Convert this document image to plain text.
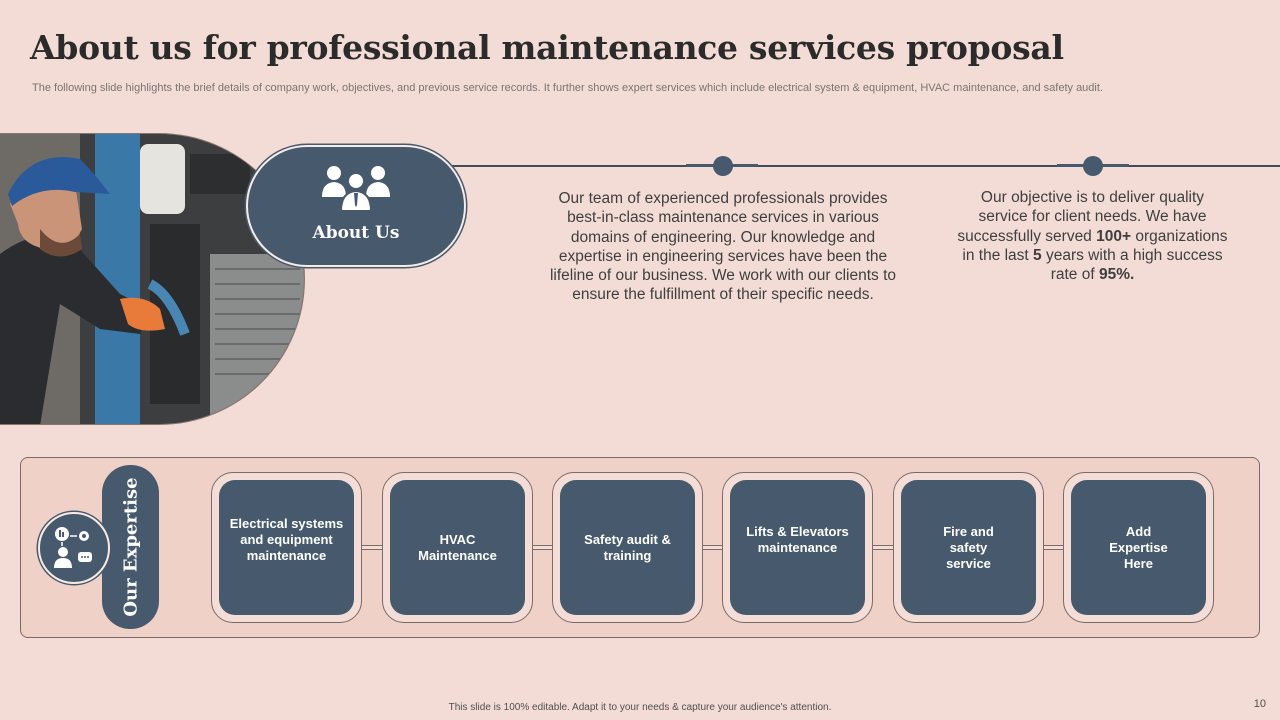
About us for professional maintenance services proposal
The following slide highlights the brief details of company work, objectives, and previous service records. It further shows expert services which include electrical system & equipment, HVAC maintenance, and safety audit.
About Us
Our team of experienced professionals provides best-in-class maintenance services in various domains of engineering. Our knowledge and expertise in engineering services have been the lifeline of our business. We work with our clients to ensure the fulfillment of their specific needs.
Our objective is to deliver quality service for client needs. We have successfully served 100+ organizations in the last 5 years with a high success rate of 95%.
Our Expertise	Electrical systems and equipment maintenance
HVAC Maintenance
Safety audit & training
Lifts & Elevators maintenance
Fire and safety service
Add Expertise Here
This slide is 100% editable. Adapt it to your needs & capture your audience's attention.	10
